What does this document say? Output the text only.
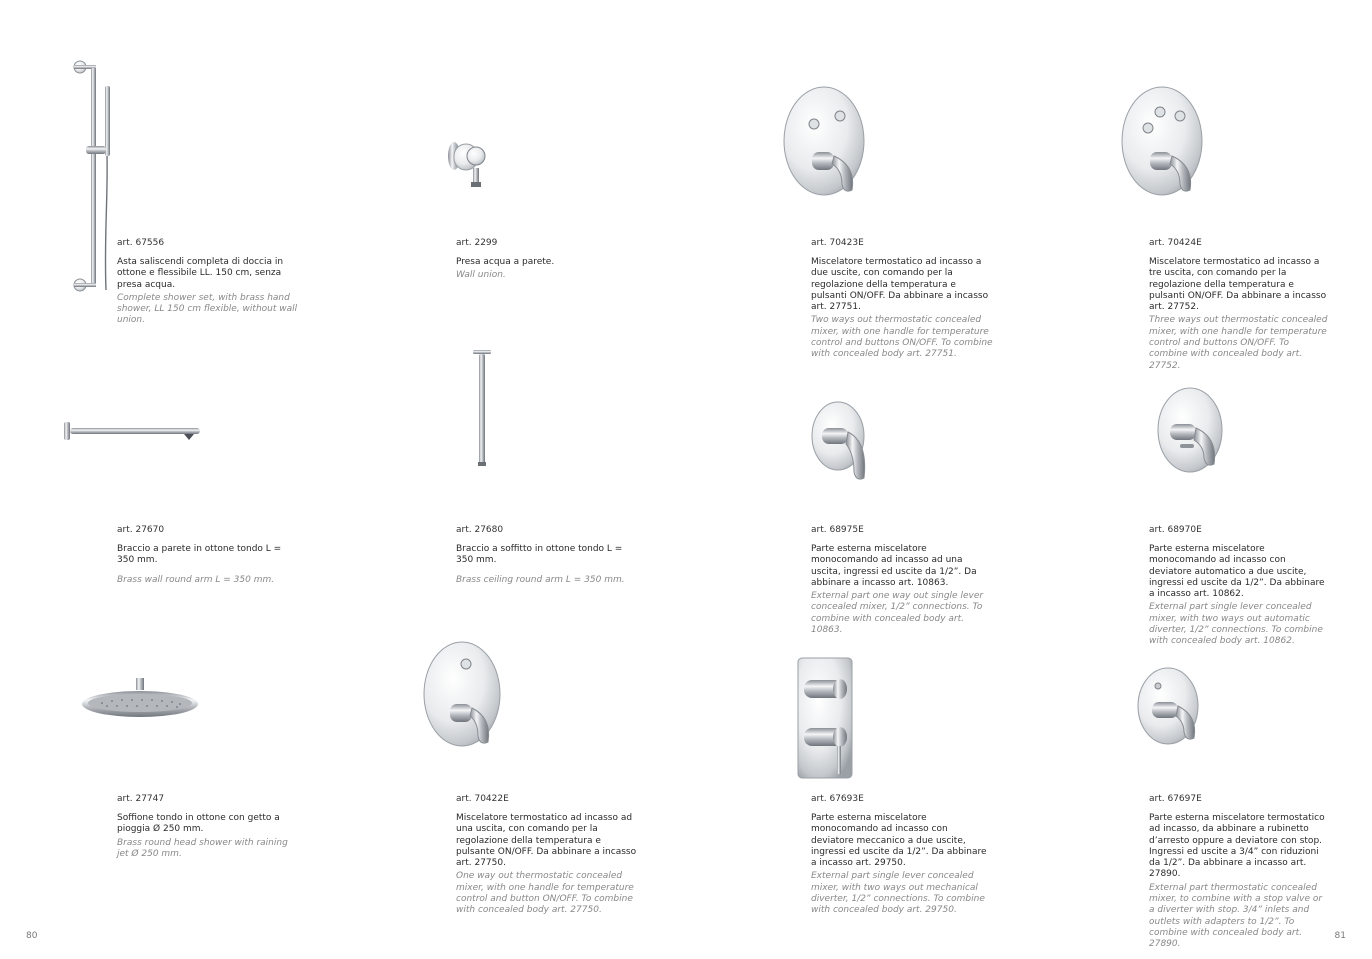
art. 67556

Asta saliscendi completa di doccia in ottone e flessibile LL. 150 cm, senza presa acqua.

Complete shower set, with brass hand shower, LL 150 cm flexible, without wall union.

art. 2299

Presa acqua a parete.

Wall union.

art. 27670

Braccio a parete in ottone tondo L = 350 mm.

Brass wall round arm L = 350 mm.

art. 27680

Braccio a soffitto in ottone tondo L = 350 mm.

Brass ceiling round arm L = 350 mm.

art. 27747

Soffione tondo in ottone con getto a pioggia Ø 250 mm.

Brass round head shower with raining jet Ø 250 mm.

art. 70422E

Miscelatore termostatico ad incasso ad una uscita, con comando per la regolazione della temperatura e pulsante ON/OFF. Da abbinare a incasso art. 27750.

One way out thermostatic concealed mixer, with one handle for temperature control and button ON/OFF. To combine with concealed body art. 27750.

80

art. 70423E

Miscelatore termostatico ad incasso a due uscite, con comando per la regolazione della temperatura e pulsanti ON/OFF. Da abbinare a incasso art. 27751.

Two ways out thermostatic concealed mixer, with one handle for temperature control and buttons ON/OFF. To combine with concealed body art. 27751.

art. 70424E

Miscelatore termostatico ad incasso a tre uscita, con comando per la regolazione della temperatura e pulsanti ON/OFF. Da abbinare a incasso art. 27752.

Three ways out thermostatic concealed mixer, with one handle for temperature control and buttons ON/OFF. To combine with concealed body art. 27752.

art. 68975E

Parte esterna miscelatore monocomando ad incasso ad una uscita, ingressi ed uscite da 1/2”. Da abbinare a incasso art. 10863.

External part one way out single lever concealed mixer, 1/2” connections. To combine with concealed body art. 10863.

art. 68970E

Parte esterna miscelatore monocomando ad incasso con deviatore automatico a due uscite, ingressi ed uscite da 1/2”. Da abbinare a incasso art. 10862.

External part single lever concealed mixer, with two ways out automatic diverter, 1/2” connections. To combine with concealed body art. 10862.

art. 67693E

Parte esterna miscelatore monocomando ad incasso con deviatore meccanico a due uscite, ingressi ed uscite da 1/2”. Da abbinare a incasso art. 29750.

External part single lever concealed mixer, with two ways out mechanical diverter, 1/2” connections. To combine with concealed body art. 29750.

art. 67697E

Parte esterna miscelatore termostatico ad incasso, da abbinare a rubinetto d’arresto oppure a deviatore con stop. Ingressi ed uscite a 3/4” con riduzioni da 1/2”. Da abbinare a incasso art. 27890.

External part thermostatic concealed mixer, to combine with a stop valve or a diverter with stop. 3/4” inlets and outlets with adapters to 1/2”. To combine with concealed body art. 27890.

81
